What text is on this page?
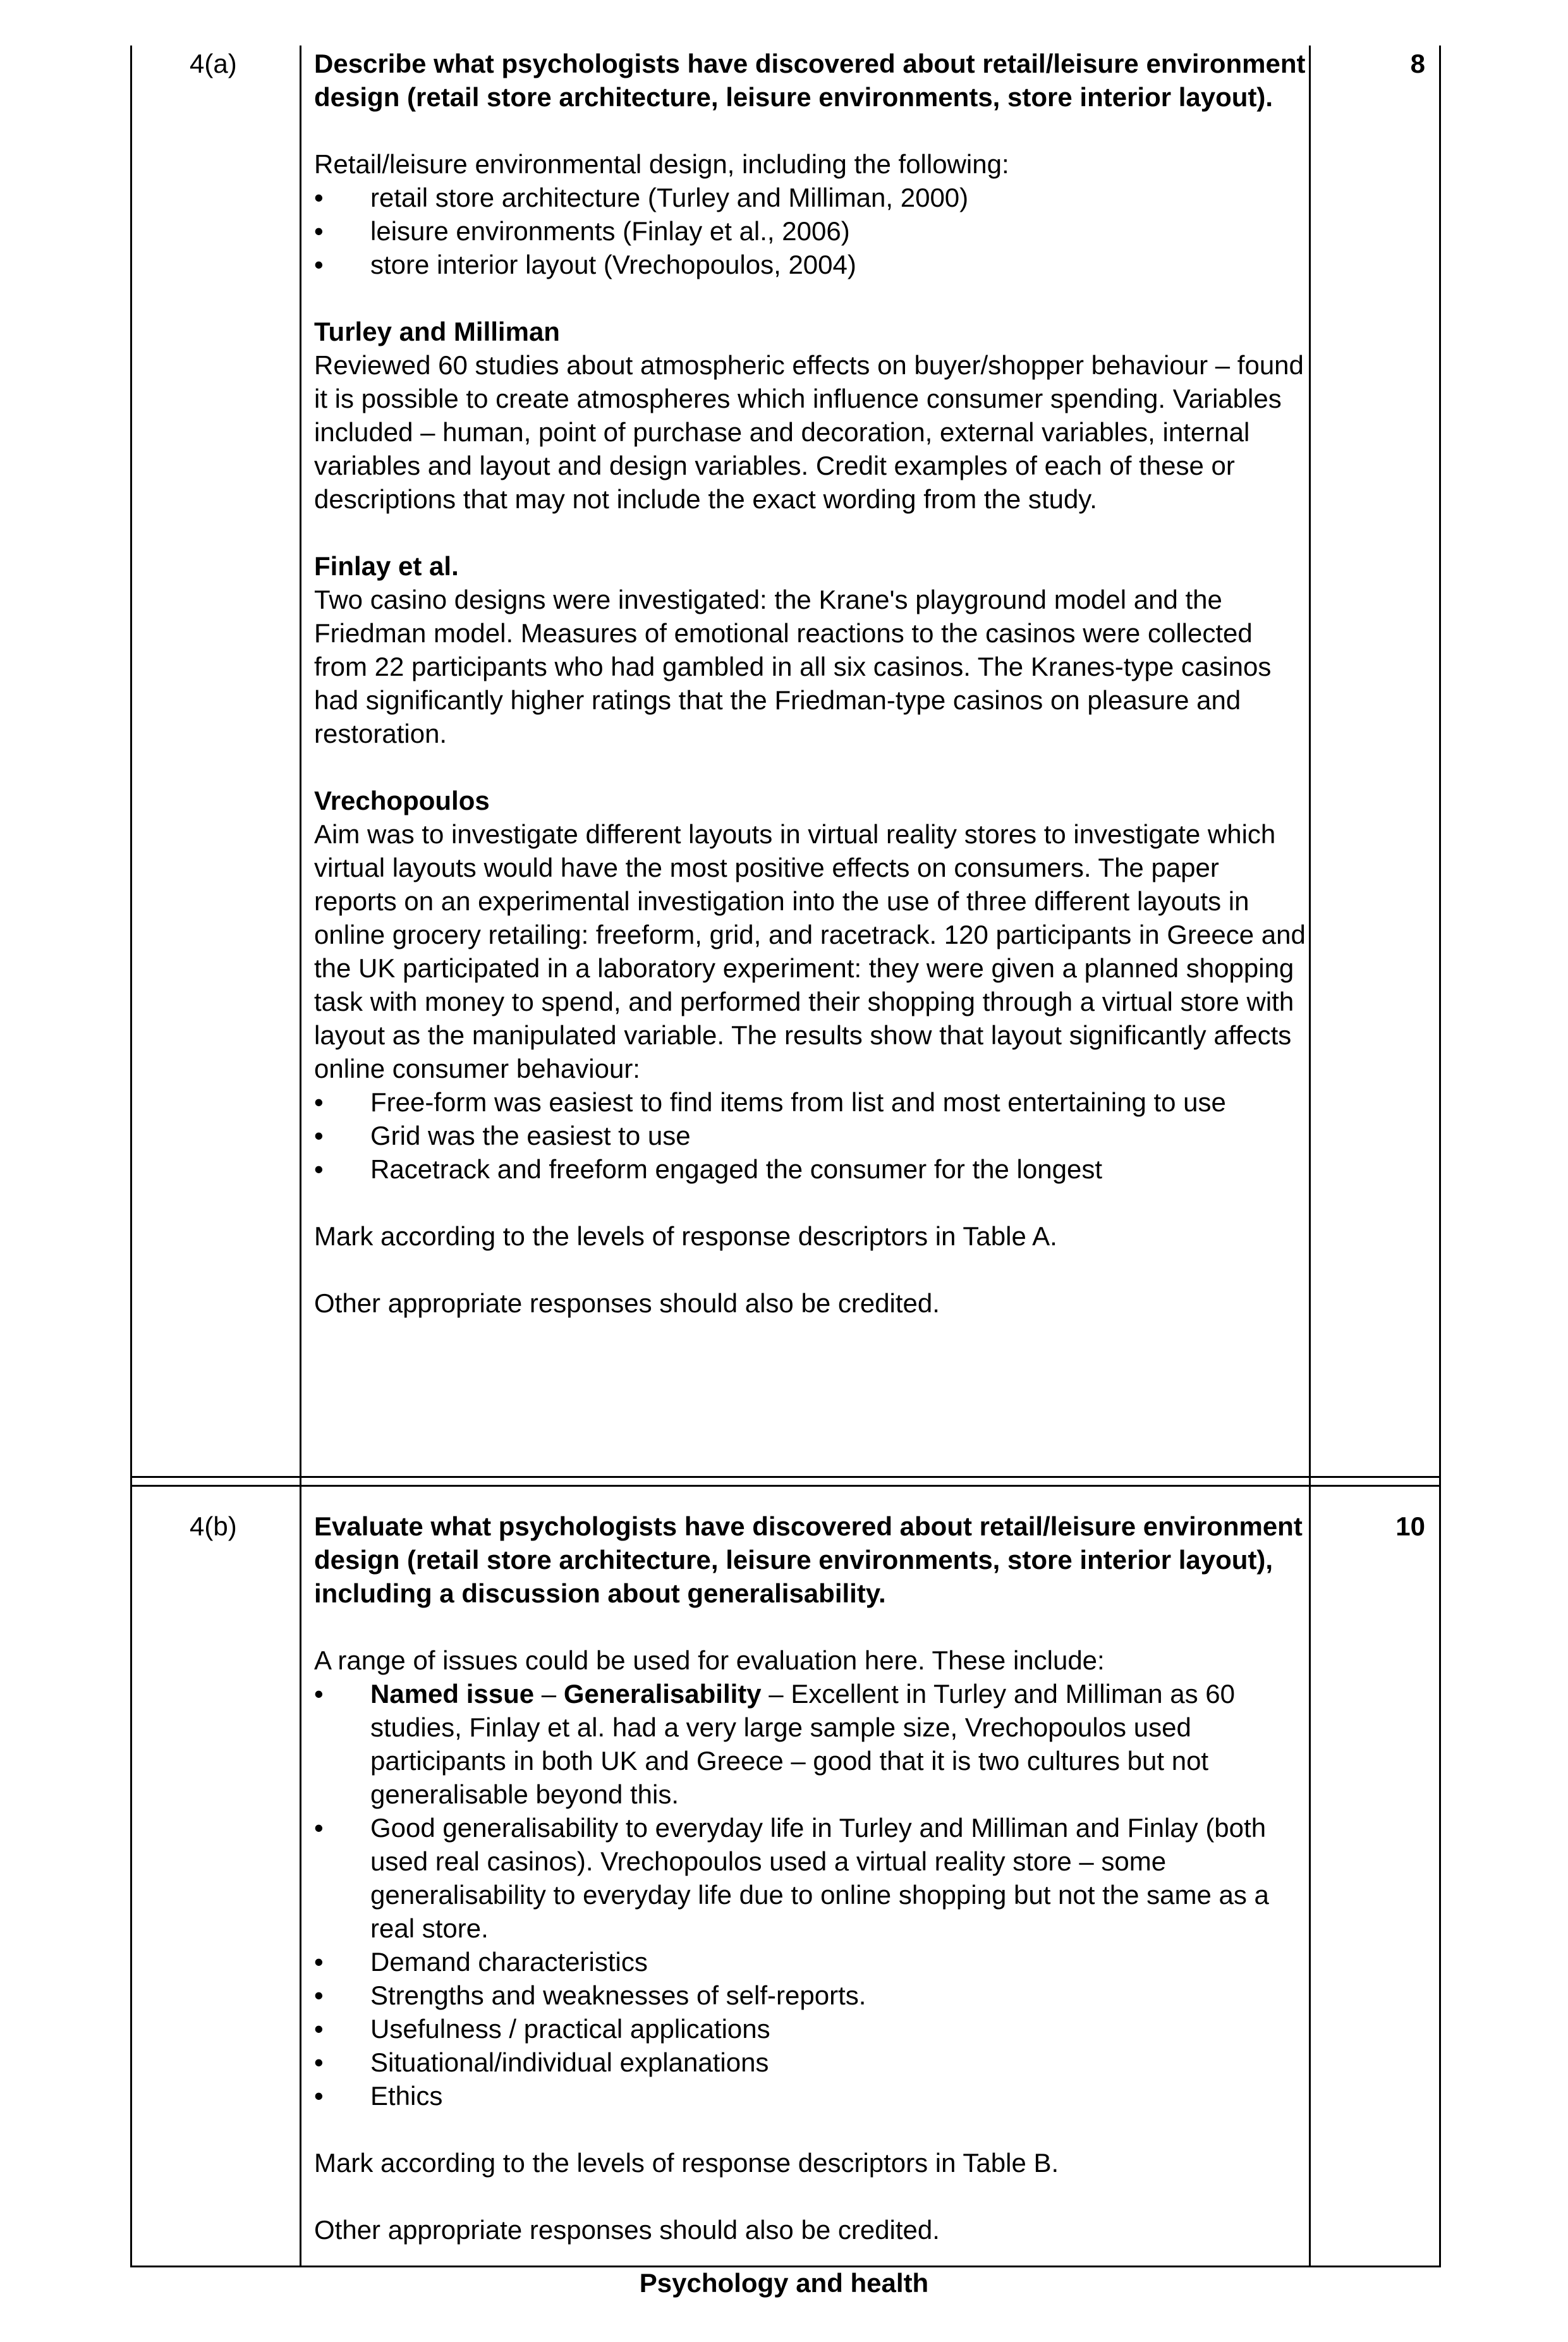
4(a)	8

Describe what psychologists have discovered about retail/leisure environment design (retail store architecture, leisure environments, store interior layout).

Retail/leisure environmental design, including the following:

•
retail store architecture (Turley and Milliman, 2000)
•
leisure environments (Finlay et al., 2006)
•
store interior layout (Vrechopoulos, 2004)

Turley and Milliman

Reviewed 60 studies about atmospheric effects on buyer/shopper behaviour – found it is possible to create atmospheres which influence consumer spending. Variables included – human, point of purchase and decoration, external variables, internal variables and layout and design variables. Credit examples of each of these or descriptions that may not include the exact wording from the study.

Finlay et al.

Two casino designs were investigated: the Krane's playground model and the Friedman model. Measures of emotional reactions to the casinos were collected from 22 participants who had gambled in all six casinos. The Kranes-type casinos had significantly higher ratings that the Friedman-type casinos on pleasure and restoration.

Vrechopoulos

Aim was to investigate different layouts in virtual reality stores to investigate which virtual layouts would have the most positive effects on consumers. The paper reports on an experimental investigation into the use of three different layouts in online grocery retailing: freeform, grid, and racetrack. 120 participants in Greece and the UK participated in a laboratory experiment: they were given a planned shopping task with money to spend, and performed their shopping through a virtual store with layout as the manipulated variable. The results show that layout significantly affects online consumer behaviour:

•
Free-form was easiest to find items from list and most entertaining to use
•
Grid was the easiest to use
•
Racetrack and freeform engaged the consumer for the longest

Mark according to the levels of response descriptors in Table A.

Other appropriate responses should also be credited.

4(b)	10

Evaluate what psychologists have discovered about retail/leisure environment design (retail store architecture, leisure environments, store interior layout), including a discussion about generalisability.

A range of issues could be used for evaluation here. These include:

•
Named issue – Generalisability – Excellent in Turley and Milliman as 60 studies, Finlay et al. had a very large sample size, Vrechopoulos used participants in both UK and Greece – good that it is two cultures but not generalisable beyond this.
•
Good generalisability to everyday life in Turley and Milliman and Finlay (both used real casinos). Vrechopoulos used a virtual reality store – some generalisability to everyday life due to online shopping but not the same as a real store.
•
Demand characteristics
•
Strengths and weaknesses of self-reports.
•
Usefulness / practical applications
•
Situational/individual explanations
•
Ethics

Mark according to the levels of response descriptors in Table B.

Other appropriate responses should also be credited.

Psychology and health
